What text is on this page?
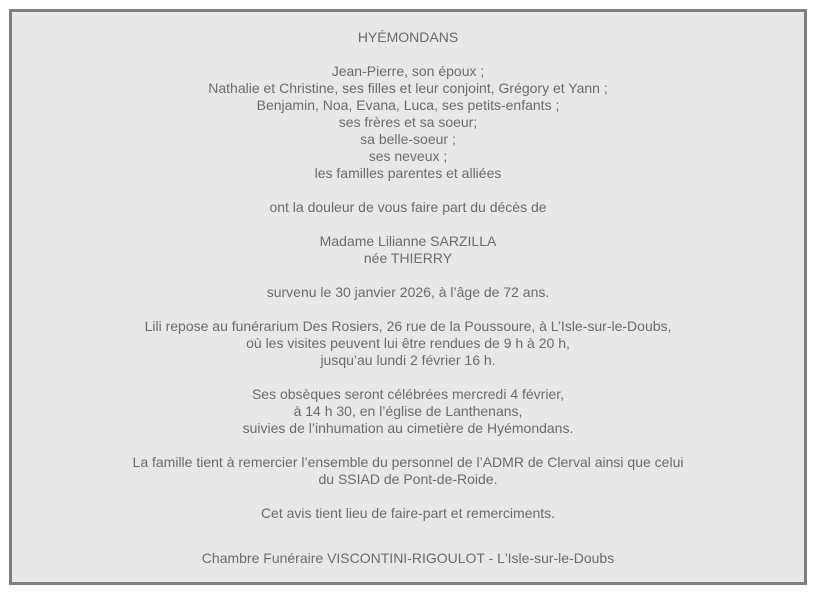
HYÉMONDANS
Jean-Pierre, son époux ;
Nathalie et Christine, ses filles et leur conjoint, Grégory et Yann ;
Benjamin, Noa, Evana, Luca, ses petits-enfants ;
ses frères et sa soeur;
sa belle-soeur ;
ses neveux ;
les familles parentes et alliées
ont la douleur de vous faire part du décès de
Madame Lilianne SARZILLA
née THIERRY
survenu le 30 janvier 2026, à l’âge de 72 ans.
Lili repose au funérarium Des Rosiers, 26 rue de la Poussoure, à L’Isle-sur-le-Doubs,
où les visites peuvent lui être rendues de 9 h à 20 h,
jusqu’au lundi 2 février 16 h.
Ses obsèques seront célébrées mercredi 4 février,
à 14 h 30, en l’église de Lanthenans,
suivies de l’inhumation au cimetière de Hyémondans.
La famille tient à remercier l’ensemble du personnel de l’ADMR de Clerval ainsi que celui
du SSIAD de Pont-de-Roide.
Cet avis tient lieu de faire-part et remerciments.
Chambre Funéraire VISCONTINI-RIGOULOT - L'Isle-sur-le-Doubs
